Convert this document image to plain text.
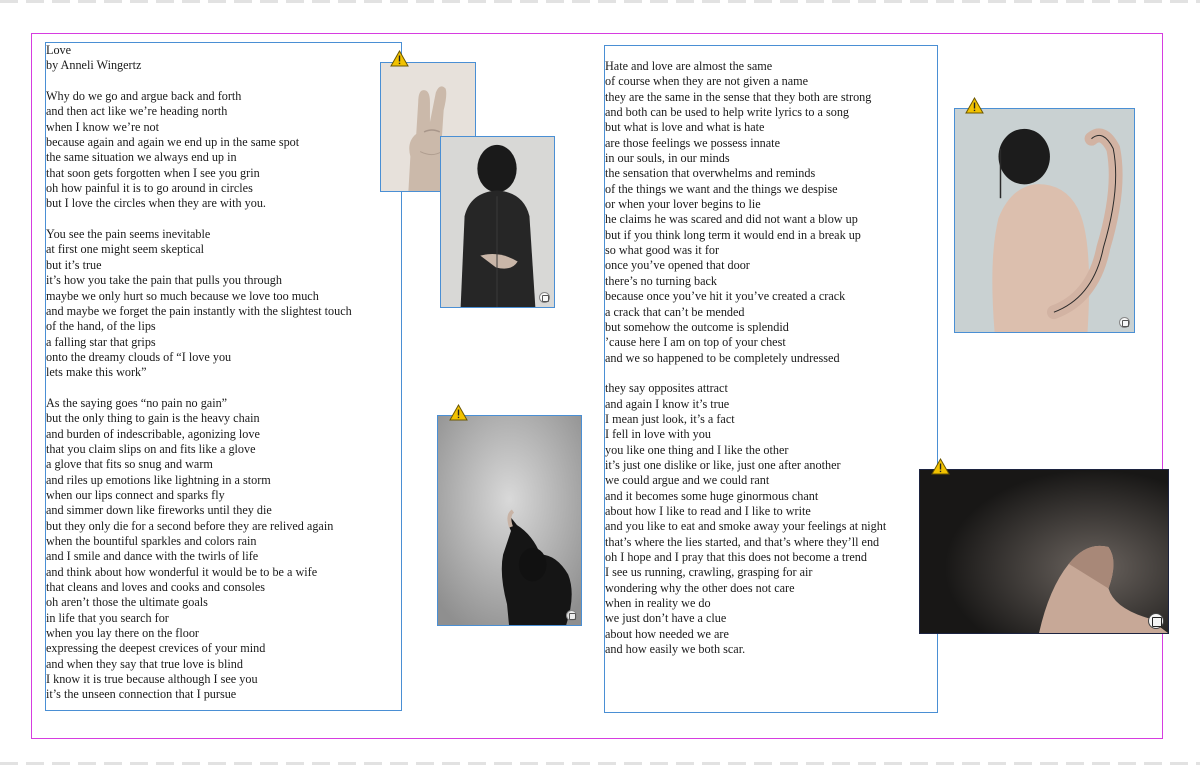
Love
by Anneli Wingertz
Why do we go and argue back and forth
and then act like we’re heading north
when I know we’re not
because again and again we end up in the same spot
the same situation we always end up in
that soon gets forgotten when I see you grin
oh how painful it is to go around in circles
but I love the circles when they are with you.
You see the pain seems inevitable
at first one might seem skeptical
but it’s true
it’s how you take the pain that pulls you through
maybe we only hurt so much because we love too much
and maybe we forget the pain instantly with the slightest touch
of the hand, of the lips
a falling star that grips
onto the dreamy clouds of “I love you
lets make this work”
As the saying goes “no pain no gain”
but the only thing to gain is the heavy chain
and burden of indescribable, agonizing love
that you claim slips on and fits like a glove
a glove that fits so snug and warm
and riles up emotions like lightning in a storm
when our lips connect and sparks fly
and simmer down like fireworks until they die
but they only die for a second before they are relived again
when the bountiful sparkles and colors rain
and I smile and dance with the twirls of life
and think about how wonderful it would be to be a wife
that cleans and loves and cooks and consoles
oh aren’t those the ultimate goals
in life that you search for
when you lay there on the floor
expressing the deepest crevices of your mind
and when they say that true love is blind
I know it is true because although I see you
it’s the unseen connection that I pursue
Hate and love are almost the same
of course when they are not given a name
they are the same in the sense that they both are strong
and both can be used to help write lyrics to a song
but what is love and what is hate
are those feelings we possess innate
in our souls, in our minds
the sensation that overwhelms and reminds
of the things we want and the things we despise
or when your lover begins to lie
he claims he was scared and did not want a blow up
but if you think long term it would end in a break up
so what good was it for
once you’ve opened that door
there’s no turning back
because once you’ve hit it you’ve created a crack
a crack that can’t be mended
but somehow the outcome is splendid
’cause here I am on top of your chest
and we so happened to be completely undressed
they say opposites attract
and again I know it’s true
I mean just look, it’s a fact
I fell in love with you
you like one thing and I like the other
it’s just one dislike or like, just one after another
we could argue and we could rant
and it becomes some huge ginormous chant
about how I like to read and I like to write
and you like to eat and smoke away your feelings at night
that’s where the lies started, and that’s where they’ll end
oh I hope and I pray that this does not become a trend
I see us running, crawling, grasping for air
wondering why the other does not care
when in reality we do
we just don’t have a clue
about how needed we are
and how easily we both scar.
